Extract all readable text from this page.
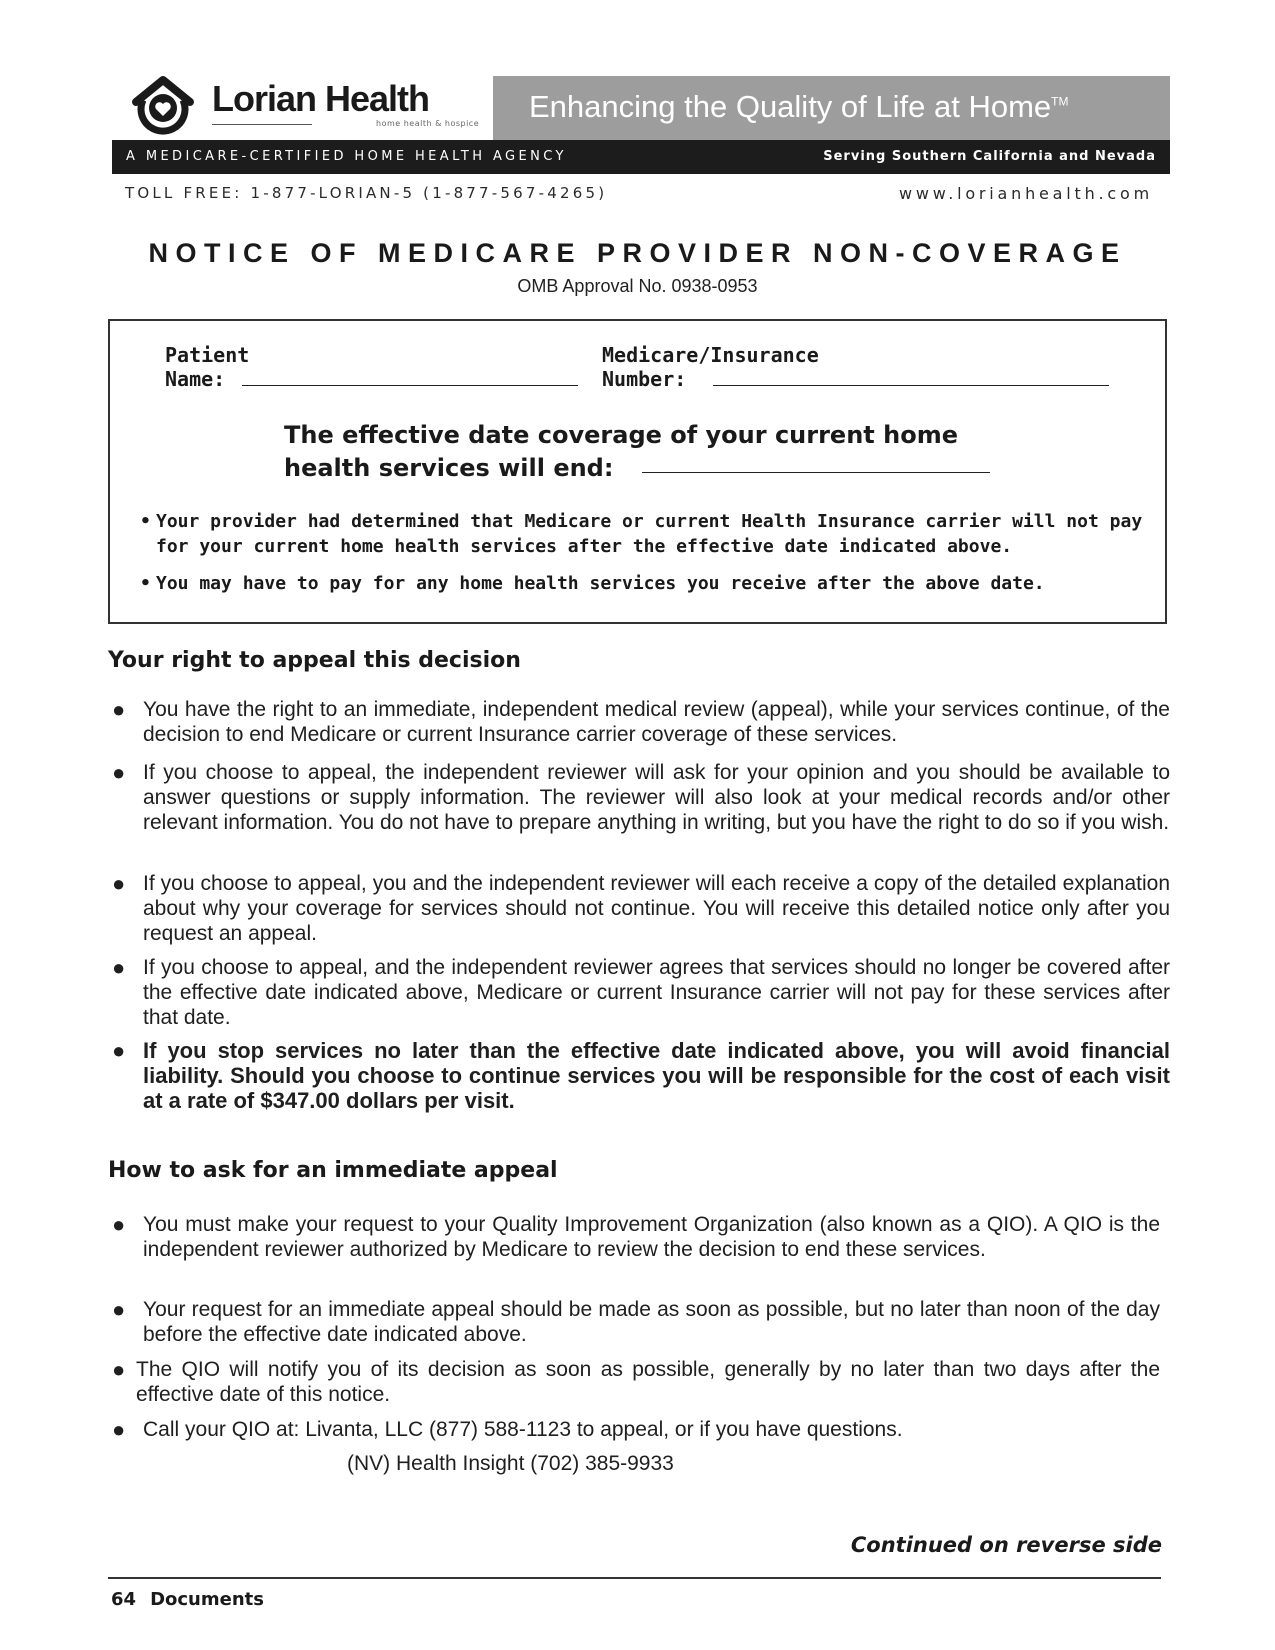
Lorian Health
home health & hospice Enhancing the Quality of Life at Home™
A MEDICARE-CERTIFIED HOME HEALTH AGENCY	Serving Southern California and Nevada
TOLL FREE: 1-877-LORIAN-5 (1-877-567-4265)	www.lorianhealth.com
NOTICE OF MEDICARE PROVIDER NON-COVERAGE
OMB Approval No. 0938-0953
Patient
Name:
Medicare/Insurance
Number:
The effective date coverage of your current home
health services will end:
• Your provider had determined that Medicare or current Health Insurance carrier will not pay
for your current home health services after the effective date indicated above.
• You may have to pay for any home health services you receive after the above date.
Your right to appeal this decision
● You have the right to an immediate, independent medical review (appeal), while your services continue, of the decision to end Medicare or current Insurance carrier coverage of these services.
● If you choose to appeal, the independent reviewer will ask for your opinion and you should be available to answer questions or supply information. The reviewer will also look at your medical records and/or other relevant information. You do not have to prepare anything in writing, but you have the right to do so if you wish.
● If you choose to appeal, you and the independent reviewer will each receive a copy of the detailed explanation about why your coverage for services should not continue. You will receive this detailed notice only after you request an appeal.
● If you choose to appeal, and the independent reviewer agrees that services should no longer be covered after the effective date indicated above, Medicare or current Insurance carrier will not pay for these services after that date.
● If you stop services no later than the effective date indicated above, you will avoid financial liability. Should you choose to continue services you will be responsible for the cost of each visit at a rate of $347.00 dollars per visit.
How to ask for an immediate appeal
● You must make your request to your Quality Improvement Organization (also known as a QIO). A QIO is the independent reviewer authorized by Medicare to review the decision to end these services.
● Your request for an immediate appeal should be made as soon as possible, but no later than noon of the day before the effective date indicated above.
● The QIO will notify you of its decision as soon as possible, generally by no later than two days after the effective date of this notice.
● Call your QIO at: Livanta, LLC (877) 588-1123 to appeal, or if you have questions.
(NV) Health Insight (702) 385-9933
Continued on reverse side
64 Documents
